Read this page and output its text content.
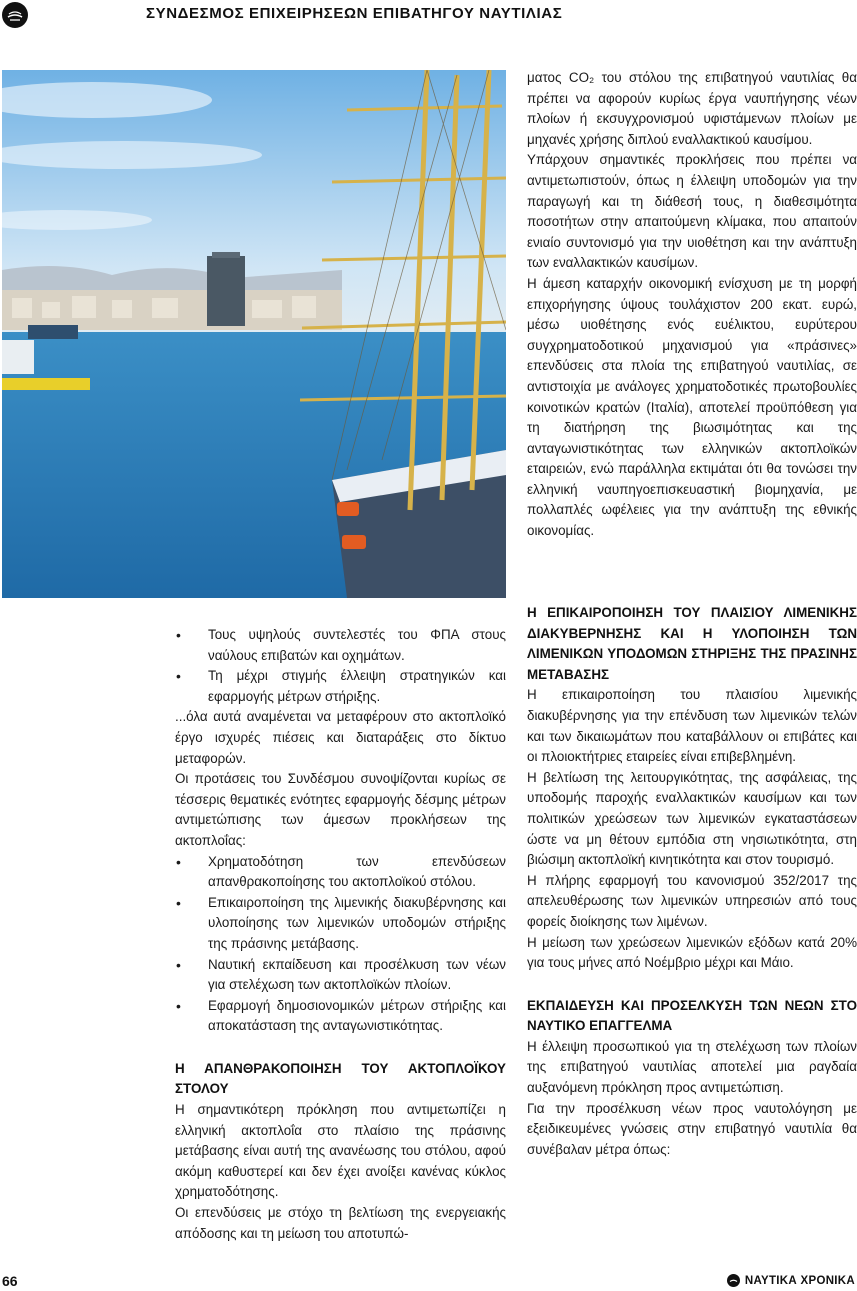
ΣΥΝΔΕΣΜΟΣ ΕΠΙΧΕΙΡΗΣΕΩΝ ΕΠΙΒΑΤΗΓΟΥ ΝΑΥΤΙΛΙΑΣ

ματος CO₂ του στόλου της επιβατηγού ναυτιλίας θα πρέπει να αφορούν κυρίως έργα ναυπήγησης νέων πλοίων ή εκσυγχρονισμού υφιστάμενων πλοίων με μηχανές χρήσης διπλού εναλλακτικού καυσίμου.

Υπάρχουν σημαντικές προκλήσεις που πρέπει να αντιμετωπιστούν, όπως η έλλειψη υποδομών για την παραγωγή και τη διάθεσή τους, η διαθεσιμότητα ποσοτήτων στην απαιτούμενη κλίμακα, που απαιτούν ενιαίο συντονισμό για την υιοθέτηση και την ανάπτυξη των εναλλακτικών καυσίμων.

Η άμεση καταρχήν οικονομική ενίσχυση με τη μορφή επιχορήγησης ύψους τουλάχιστον 200 εκατ. ευρώ, μέσω υιοθέτησης ενός ευέλικτου, ευρύτερου συγχρηματοδοτικού μηχανισμού για «πράσινες» επενδύσεις στα πλοία της επιβατηγού ναυτιλίας, σε αντιστοιχία με ανάλογες χρηματοδοτικές πρωτοβουλίες κοινοτικών κρατών (Ιταλία), αποτελεί προϋπόθεση για τη διατήρηση της βιωσιμότητας και της ανταγωνιστικότητας των ελληνικών ακτοπλοϊκών εταιρειών, ενώ παράλληλα εκτιμάται ότι θα τονώσει την ελληνική ναυπηγοεπισκευαστική βιομηχανία, με πολλαπλές ωφέλειες για την ανάπτυξη της εθνικής οικονομίας.

• Τους υψηλούς συντελεστές του ΦΠΑ στους ναύλους επιβατών και οχημάτων.
• Τη μέχρι στιγμής έλλειψη στρατηγικών και εφαρμογής μέτρων στήριξης.

...όλα αυτά αναμένεται να μεταφέρουν στο ακτοπλοϊκό έργο ισχυρές πιέσεις και διαταράξεις στο δίκτυο μεταφορών.

Οι προτάσεις του Συνδέσμου συνοψίζονται κυρίως σε τέσσερις θεματικές ενότητες εφαρμογής δέσμης μέτρων αντιμετώπισης των άμεσων προκλήσεων της ακτοπλοΐας:

• Χρηματοδότηση των επενδύσεων απανθρακοποίησης του ακτοπλοϊκού στόλου.
• Επικαιροποίηση της λιμενικής διακυβέρνησης και υλοποίησης των λιμενικών υποδομών στήριξης της πράσινης μετάβασης.
• Ναυτική εκπαίδευση και προσέλκυση των νέων για στελέχωση των ακτοπλοϊκών πλοίων.
• Εφαρμογή δημοσιονομικών μέτρων στήριξης και αποκατάσταση της ανταγωνιστικότητας.
Η ΑΠΑΝΘΡΑΚΟΠΟΙΗΣΗ ΤΟΥ ΑΚΤΟΠΛΟΪΚΟΥ ΣΤΟΛΟΥ

Η σημαντικότερη πρόκληση που αντιμετωπίζει η ελληνική ακτοπλοΐα στο πλαίσιο της πράσινης μετάβασης είναι αυτή της ανανέωσης του στόλου, αφού ακόμη καθυστερεί και δεν έχει ανοίξει κανένας κύκλος χρηματοδότησης.

Οι επενδύσεις με στόχο τη βελτίωση της ενεργειακής απόδοσης και τη μείωση του αποτυπώ-

Η ΕΠΙΚΑΙΡΟΠΟΙΗΣΗ ΤΟΥ ΠΛΑΙΣΙΟΥ ΛΙΜΕΝΙΚΗΣ ΔΙΑΚΥΒΕΡΝΗΣΗΣ ΚΑΙ Η ΥΛΟΠΟΙΗΣΗ ΤΩΝ ΛΙΜΕΝΙΚΩΝ ΥΠΟΔΟΜΩΝ ΣΤΗΡΙΞΗΣ ΤΗΣ ΠΡΑΣΙΝΗΣ ΜΕΤΑΒΑΣΗΣ

Η επικαιροποίηση του πλαισίου λιμενικής διακυβέρνησης για την επένδυση των λιμενικών τελών και των δικαιωμάτων που καταβάλλουν οι επιβάτες και οι πλοιοκτήτριες εταιρείες είναι επιβεβλημένη.

Η βελτίωση της λειτουργικότητας, της ασφάλειας, της υποδομής παροχής εναλλακτικών καυσίμων και των πολιτικών χρεώσεων των λιμενικών εγκαταστάσεων ώστε να μη θέτουν εμπόδια στη νησιωτικότητα, στη βιώσιμη ακτοπλοϊκή κινητικότητα και στον τουρισμό.

Η πλήρης εφαρμογή του κανονισμού 352/2017 της απελευθέρωσης των λιμενικών υπηρεσιών από τους φορείς διοίκησης των λιμένων.

Η μείωση των χρεώσεων λιμενικών εξόδων κατά 20% για τους μήνες από Νοέμβριο μέχρι και Μάιο.

ΕΚΠΑΙΔΕΥΣΗ ΚΑΙ ΠΡΟΣΕΛΚΥΣΗ ΤΩΝ ΝΕΩΝ ΣΤΟ ΝΑΥΤΙΚΟ ΕΠΑΓΓΕΛΜΑ

Η έλλειψη προσωπικού για τη στελέχωση των πλοίων της επιβατηγού ναυτιλίας αποτελεί μια ραγδαία αυξανόμενη πρόκληση προς αντιμετώπιση.

Για την προσέλκυση νέων προς ναυτολόγηση με εξειδικευμένες γνώσεις στην επιβατηγό ναυτιλία θα συνέβαλαν μέτρα όπως:

66	ΝΑΥΤΙΚΑ ΧΡΟΝΙΚΑ
